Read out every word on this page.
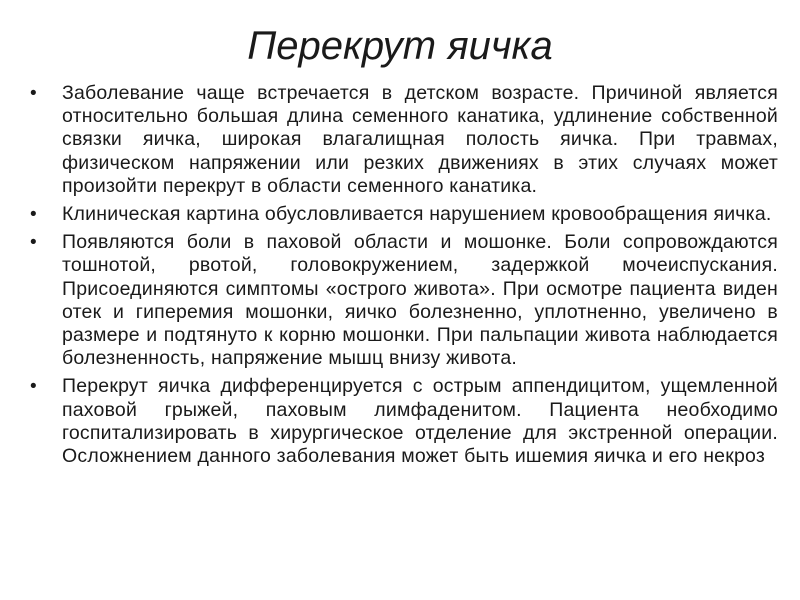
Перекрут яичка
•	Заболевание чаще встречается в детском возрасте. Причиной является относительно большая длина семенного канатика, удлинение собственной связки яичка, широкая влагалищная полость яичка. При травмах, физическом напряжении или резких движениях в этих случаях может произойти перекрут в области семенного канатика.
•	Клиническая картина обусловливается нарушением кровообращения яичка.
•	Появляются боли в паховой области и мошонке. Боли сопровождаются тошнотой, рвотой, головокружением, задержкой мочеиспускания. Присоединяются симптомы «острого живота». При осмотре пациента виден отек и гиперемия мошонки, яичко болезненно, уплотненно, увеличено в размере и подтянуто к корню мошонки. При пальпации живота наблюдается болезненность, напряжение мышц внизу живота.
•	Перекрут яичка дифференцируется с острым аппендицитом, ущемленной паховой грыжей, паховым лимфаденитом. Пациента необходимо госпитализировать в хирургическое отделение для экстренной операции. Осложнением данного заболевания может быть ишемия яичка и его некроз
